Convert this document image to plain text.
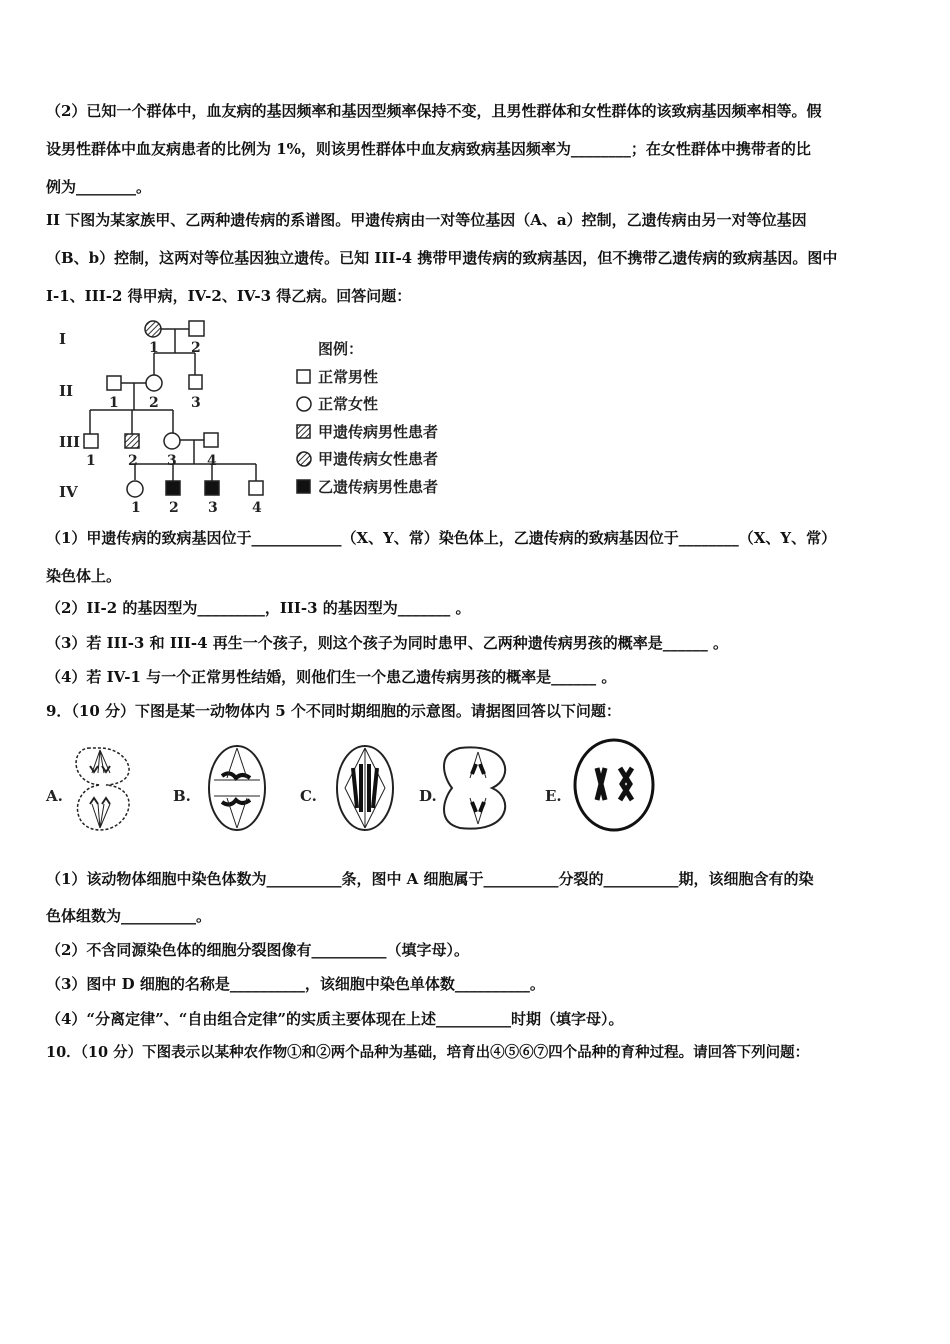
（2）已知一个群体中，血友病的基因频率和基因型频率保持不变，且男性群体和女性群体的该致病基因频率相等。假
设男性群体中血友病患者的比例为 1%，则该男性群体中血友病致病基因频率为________；在女性群体中携带者的比
例为________。
II 下图为某家族甲、乙两种遗传病的系谱图。甲遗传病由一对等位基因（A、a）控制，乙遗传病由另一对等位基因
（B、b）控制，这两对等位基因独立遗传。已知 III-4 携带甲遗传病的致病基因，但不携带乙遗传病的致病基因。图中
I-1、III-2 得甲病，IV-2、IV-3 得乙病。回答问题：
I
II
III
IV
1 2
1 2 3
1 2 3 4
1 2 3 4
图例：
正常男性
正常女性
甲遗传病男性患者
甲遗传病女性患者
乙遗传病男性患者
（1）甲遗传病的致病基因位于____________（X、Y、常）染色体上，乙遗传病的致病基因位于________（X、Y、常）
染色体上。
（2）II-2 的基因型为_________，III-3 的基因型为_______ 。
（3）若 III-3 和 III-4 再生一个孩子，则这个孩子为同时患甲、乙两种遗传病男孩的概率是______ 。
（4）若 IV-1 与一个正常男性结婚，则他们生一个患乙遗传病男孩的概率是______ 。
9．（10 分）下图是某一动物体内 5 个不同时期细胞的示意图。请据图回答以下问题：
A.	B.	C.	D.	E.
（1）该动物体细胞中染色体数为__________条，图中 A 细胞属于__________分裂的__________期，该细胞含有的染
色体组数为__________。
（2）不含同源染色体的细胞分裂图像有__________（填字母）。
（3）图中 D 细胞的名称是__________，该细胞中染色单体数__________。
（4）“分离定律”、“自由组合定律”的实质主要体现在上述__________时期（填字母）。
10．（10 分）下图表示以某种农作物①和②两个品种为基础，培育出④⑤⑥⑦四个品种的育种过程。请回答下列问题：
